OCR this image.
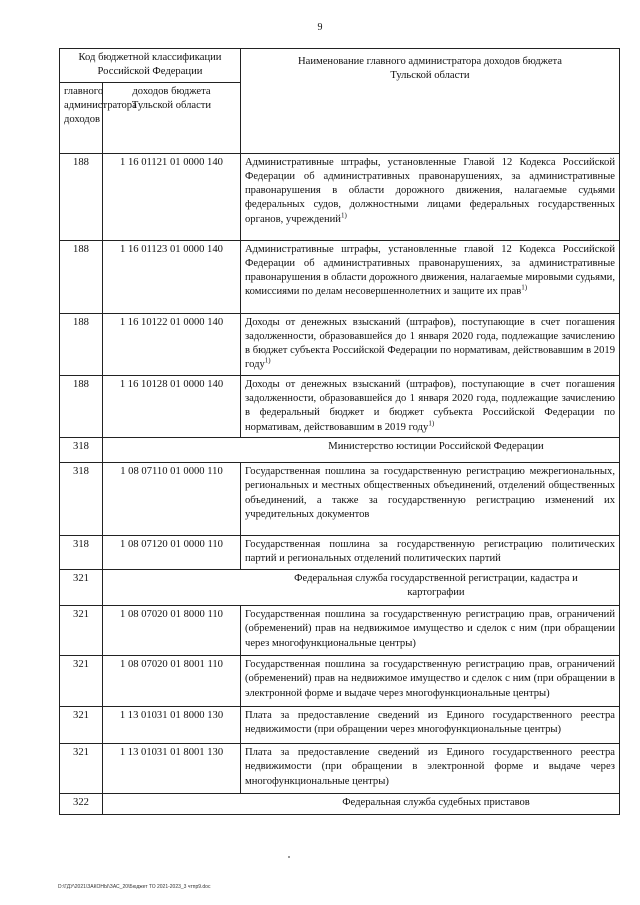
9
Код бюджетной классификации Российской Федерации		Наименование главного администратора доходов бюджета Тульской области
главного администратора доходов	доходов бюджета Тульской области	
188	1 16 01121 01 0000 140	Административные штрафы, установленные Главой 12 Кодекса Российской Федерации об административных правонарушениях, за административные правонарушения в области дорожного движения, налагаемые судьями федеральных судов, должностными лицами федеральных государственных органов, учреждений$^{1)}$
188	1 16 01123 01 0000 140	Административные штрафы, установленные главой 12 Кодекса Российской Федерации об административных правонарушениях, за административные правонарушения в области дорожного движения, налагаемые мировыми судьями, комиссиями по делам несовершеннолетних и защите их прав$^{1)}$
188	1 16 10122 01 0000 140	Доходы от денежных взысканий (штрафов), поступающие в счет погашения задолженности, образовавшейся до 1 января 2020 года, подлежащие зачислению в бюджет субъекта Российской Федерации по нормативам, действовавшим в 2019 году$^{1)}$
188	1 16 10128 01 0000 140	Доходы от денежных взысканий (штрафов), поступающие в счет погашения задолженности, образовавшейся до 1 января 2020 года, подлежащие зачислению в федеральный бюджет и бюджет субъекта Российской Федерации по нормативам, действовавшим в 2019 году$^{1)}$
318	Министерство юстиции Российской Федерации	
318	1 08 07110 01 0000 110	Государственная пошлина за государственную регистрацию межрегиональных, региональных и местных общественных объединений, отделений общественных объединений, а также за государственную регистрацию изменений их учредительных документов
318	1 08 07120 01 0000 110	Государственная пошлина за государственную регистрацию политических партий и региональных отделений политических партий
321	Федеральная служба государственной регистрации, кадастра и картографии	
321	1 08 07020 01 8000 110	Государственная пошлина за государственную регистрацию прав, ограничений (обременений) прав на недвижимое имущество и сделок с ним (при обращении через многофункциональные центры)
321	1 08 07020 01 8001 110	Государственная пошлина за государственную регистрацию прав, ограничений (обременений) прав на недвижимое имущество и сделок с ним (при обращении в электронной форме и выдаче через многофункциональные центры)
321	1 13 01031 01 8000 130	Плата за предоставление сведений из Единого государственного реестра недвижимости (при обращении через многофункциональные центры)
321	1 13 01031 01 8001 130	Плата за предоставление сведений из Единого государственного реестра недвижимости (при обращении в электронной форме и выдаче через многофункциональные центры)
322	Федеральная служба судебных приставов	
D:\ГДУ\2021\ЗАКОНЫ\ЗАС_20\Бюджет ТО 2021-2023_3 чтпр9.doc
